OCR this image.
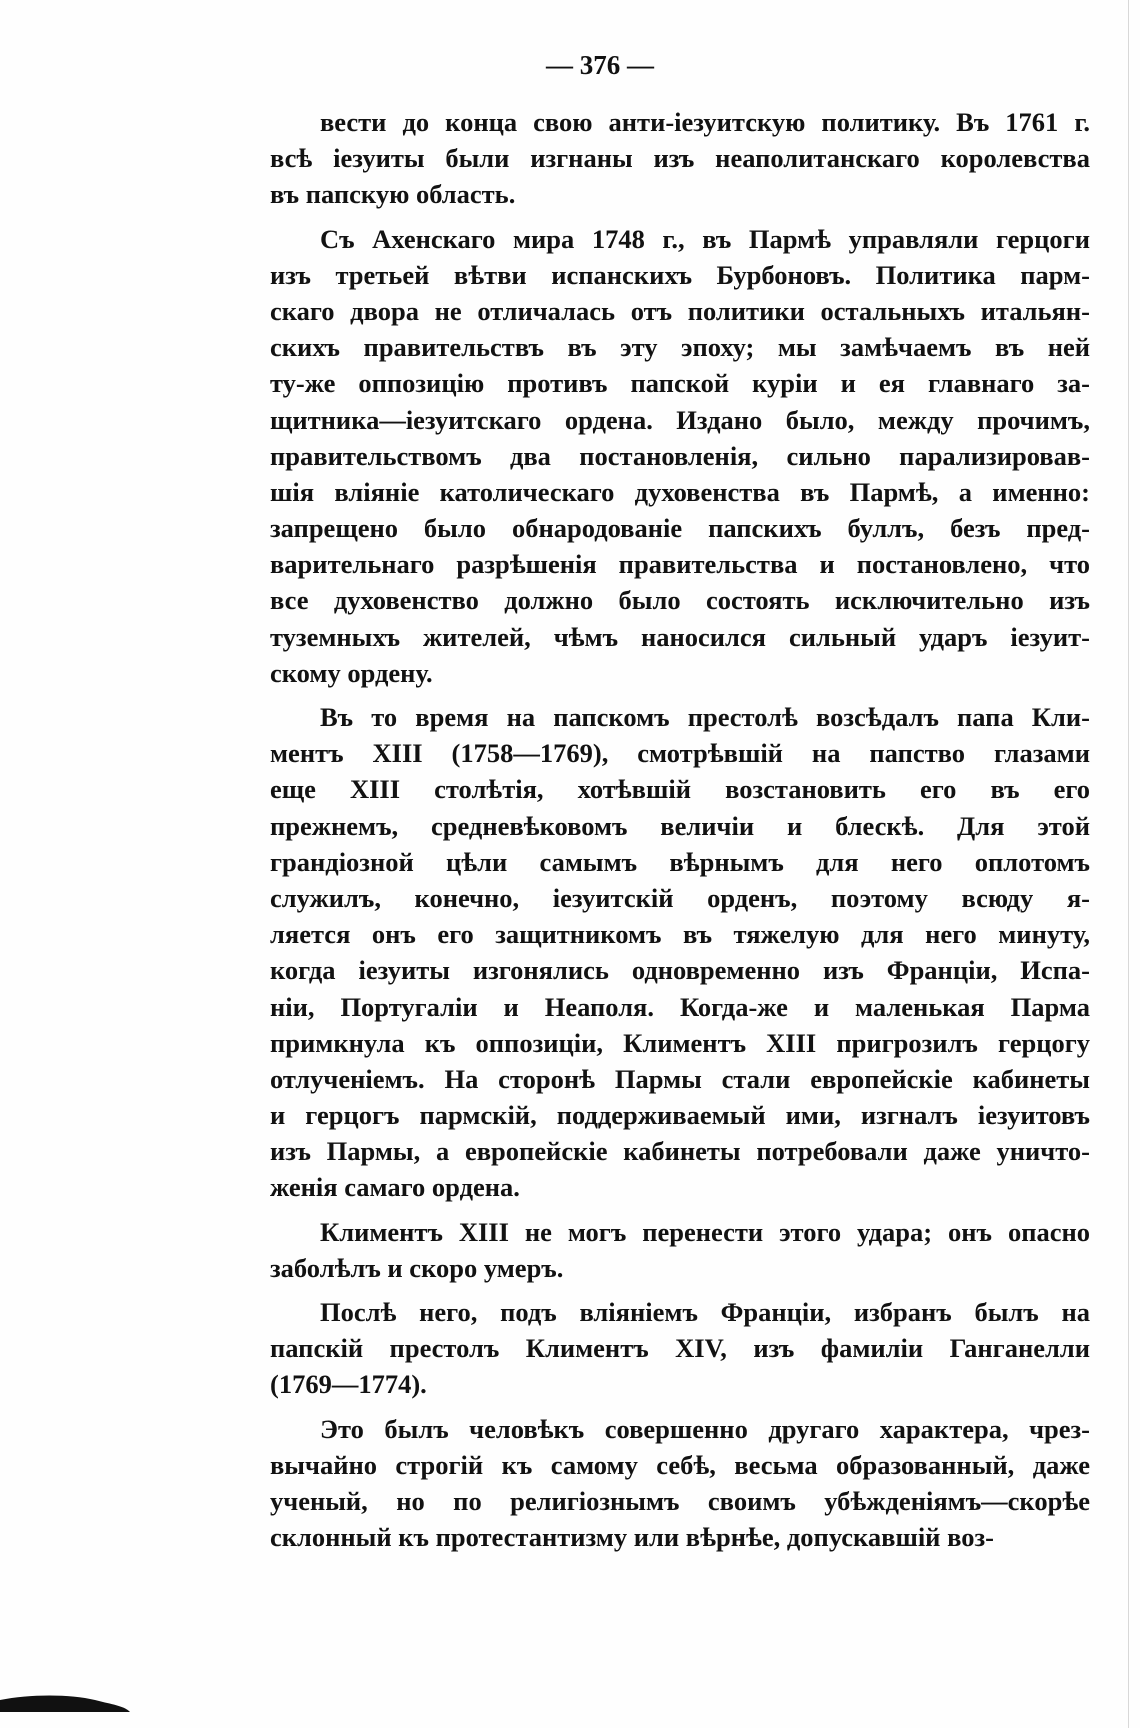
— 376 —
вести до конца свою анти-іезуитскую политику. Въ 1761 г.
всѣ іезуиты были изгнаны изъ неаполитанскаго королевства
въ папскую область.
Съ Ахенскаго мира 1748 г., въ Пармѣ управляли герцоги
изъ третьей вѣтви испанскихъ Бурбоновъ. Политика парм-
скаго двора не отличалась отъ политики остальныхъ итальян-
скихъ правительствъ въ эту эпоху; мы замѣчаемъ въ ней
ту-же оппозицію противъ папской куріи и ея главнаго за-
щитника—іезуитскаго ордена. Издано было, между прочимъ,
правительствомъ два постановленія, сильно парализировав-
шія вліяніе католическаго духовенства въ Пармѣ, а именно:
запрещено было обнародованіе папскихъ буллъ, безъ пред-
варительнаго разрѣшенія правительства и постановлено, что
все духовенство должно было состоять исключительно изъ
туземныхъ жителей, чѣмъ наносился сильный ударъ іезуит-
скому ордену.
Въ то время на папскомъ престолѣ возсѣдалъ папа Кли-
ментъ XIII (1758—1769), смотрѣвшій на папство глазами
еще XIII столѣтія, хотѣвшій возстановить его въ его
прежнемъ, средневѣковомъ величіи и блескѣ. Для этой
грандіозной цѣли самымъ вѣрнымъ для него оплотомъ
служилъ, конечно, іезуитскій орденъ, поэтому всюду я-
ляется онъ его защитникомъ въ тяжелую для него минуту,
когда іезуиты изгонялись одновременно изъ Франціи, Испа-
ніи, Португаліи и Неаполя. Когда-же и маленькая Парма
примкнула къ оппозиціи, Климентъ XIII пригрозилъ герцогу
отлученіемъ. На сторонѣ Пармы стали европейскіе кабинеты
и герцогъ пармскій, поддерживаемый ими, изгналъ іезуитовъ
изъ Пармы, а европейскіе кабинеты потребовали даже уничто-
женія самаго ордена.
Климентъ XIII не могъ перенести этого удара; онъ опасно
заболѣлъ и скоро умеръ.
Послѣ него, подъ вліяніемъ Франціи, избранъ былъ на
папскій престолъ Климентъ XIV, изъ фамиліи Ганганелли
(1769—1774).
Это былъ человѣкъ совершенно другаго характера, чрез-
вычайно строгій къ самому себѣ, весьма образованный, даже
ученый, но по религіознымъ своимъ убѣжденіямъ—скорѣе
склонный къ протестантизму или вѣрнѣе, допускавшій воз-
